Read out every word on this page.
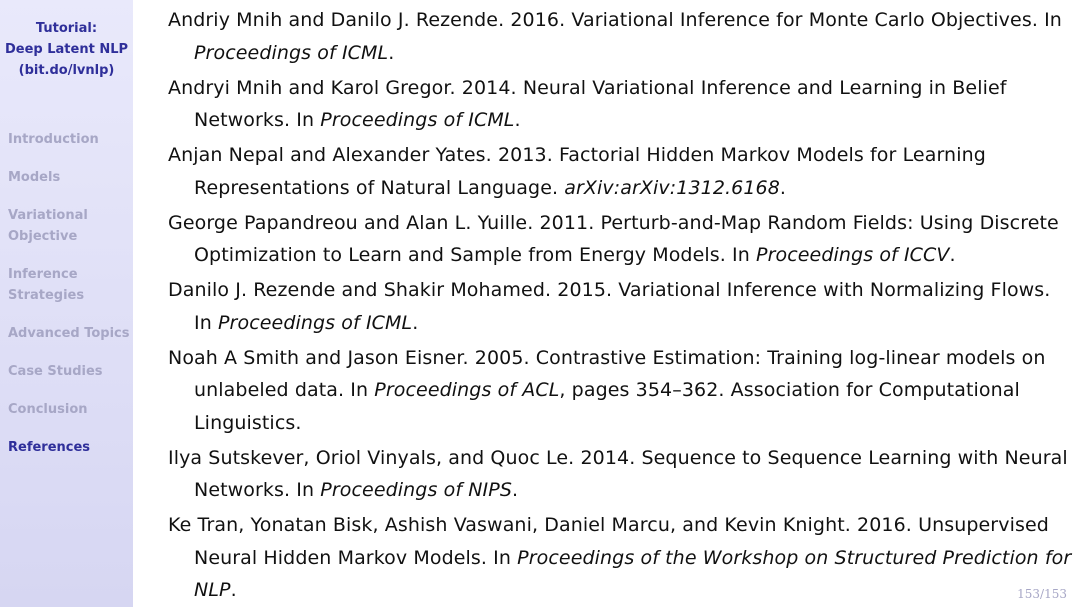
Tutorial:
Deep Latent NLP
(bit.do/lvnlp)
Introduction
Models
Variational
Objective
Inference
Strategies
Advanced Topics
Case Studies
Conclusion
References
Andriy Mnih and Danilo J. Rezende. 2016. Variational Inference for Monte Carlo Objectives. In
Proceedings of ICML.
Andryi Mnih and Karol Gregor. 2014. Neural Variational Inference and Learning in Belief
Networks. In Proceedings of ICML.
Anjan Nepal and Alexander Yates. 2013. Factorial Hidden Markov Models for Learning
Representations of Natural Language. arXiv:arXiv:1312.6168.
George Papandreou and Alan L. Yuille. 2011. Perturb-and-Map Random Fields: Using Discrete
Optimization to Learn and Sample from Energy Models. In Proceedings of ICCV.
Danilo J. Rezende and Shakir Mohamed. 2015. Variational Inference with Normalizing Flows.
In Proceedings of ICML.
Noah A Smith and Jason Eisner. 2005. Contrastive Estimation: Training log-linear models on
unlabeled data. In Proceedings of ACL, pages 354–362. Association for Computational
Linguistics.
Ilya Sutskever, Oriol Vinyals, and Quoc Le. 2014. Sequence to Sequence Learning with Neural
Networks. In Proceedings of NIPS.
Ke Tran, Yonatan Bisk, Ashish Vaswani, Daniel Marcu, and Kevin Knight. 2016. Unsupervised
Neural Hidden Markov Models. In Proceedings of the Workshop on Structured Prediction for
NLP.	153/153
